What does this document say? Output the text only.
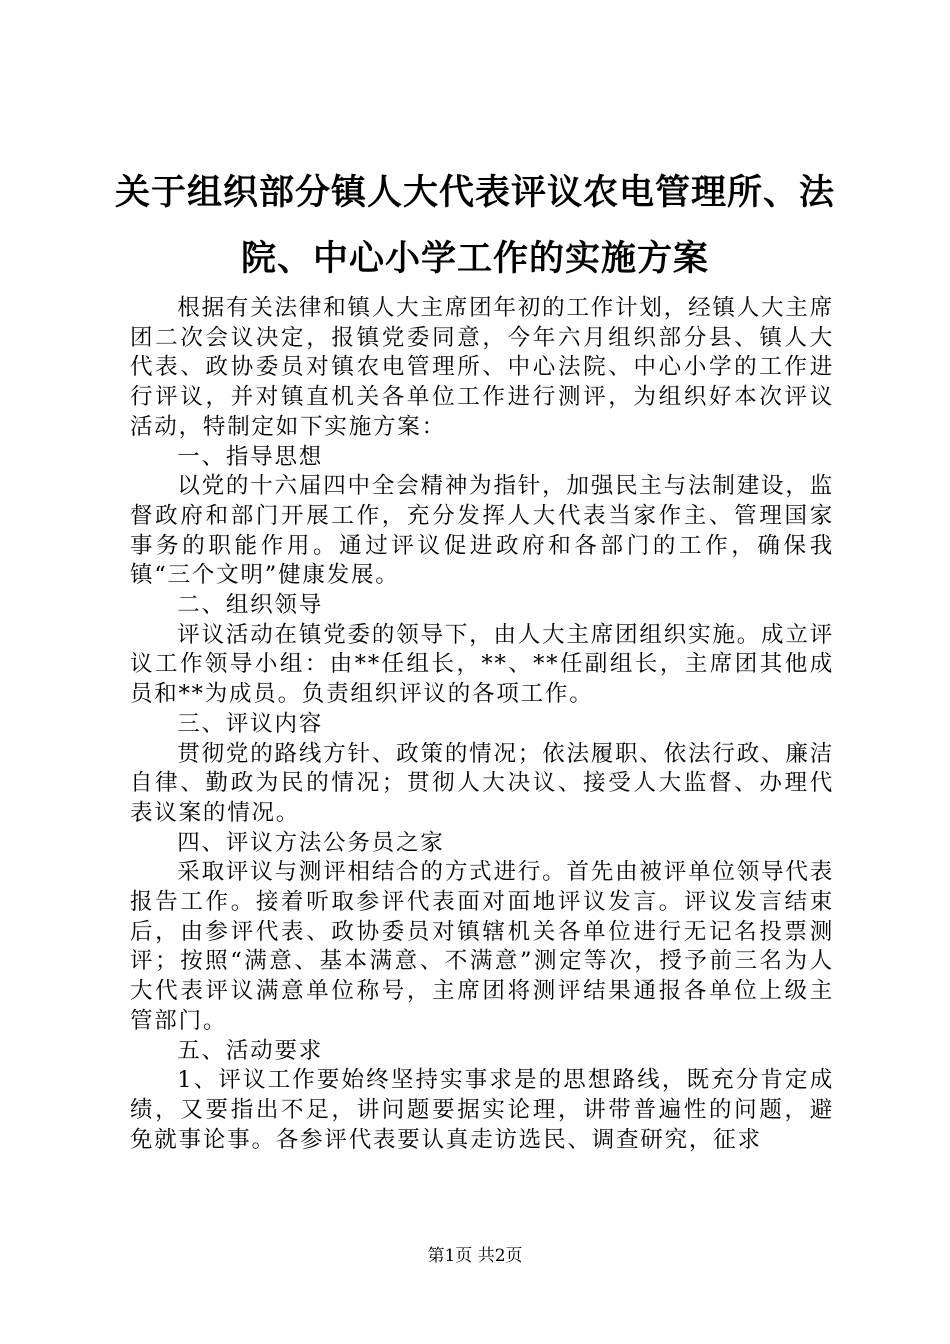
关于组织部分镇人大代表评议农电管理所、法
院、中心小学工作的实施方案

根据有关法律和镇人大主席团年初的工作计划，经镇人大主席团二次会议决定，报镇党委同意，今年六月组织部分县、镇人大代表、政协委员对镇农电管理所、中心法院、中心小学的工作进行评议，并对镇直机关各单位工作进行测评，为组织好本次评议活动，特制定如下实施方案：

一、指导思想

以党的十六届四中全会精神为指针，加强民主与法制建设，监督政府和部门开展工作，充分发挥人大代表当家作主、管理国家事务的职能作用。通过评议促进政府和各部门的工作，确保我镇“三个文明”健康发展。

二、组织领导

评议活动在镇党委的领导下，由人大主席团组织实施。成立评议工作领导小组：由**任组长，**、**任副组长，主席团其他成员和**为成员。负责组织评议的各项工作。

三、评议内容

贯彻党的路线方针、政策的情况；依法履职、依法行政、廉洁自律、勤政为民的情况；贯彻人大决议、接受人大监督、办理代表议案的情况。

四、评议方法公务员之家

采取评议与测评相结合的方式进行。首先由被评单位领导代表报告工作。接着听取参评代表面对面地评议发言。评议发言结束后，由参评代表、政协委员对镇辖机关各单位进行无记名投票测评；按照“满意、基本满意、不满意”测定等次，授予前三名为人大代表评议满意单位称号，主席团将测评结果通报各单位上级主管部门。

五、活动要求

1、评议工作要始终坚持实事求是的思想路线，既充分肯定成绩，又要指出不足，讲问题要据实论理，讲带普遍性的问题，避免就事论事。各参评代表要认真走访选民、调查研究，征求

第1页 共2页
